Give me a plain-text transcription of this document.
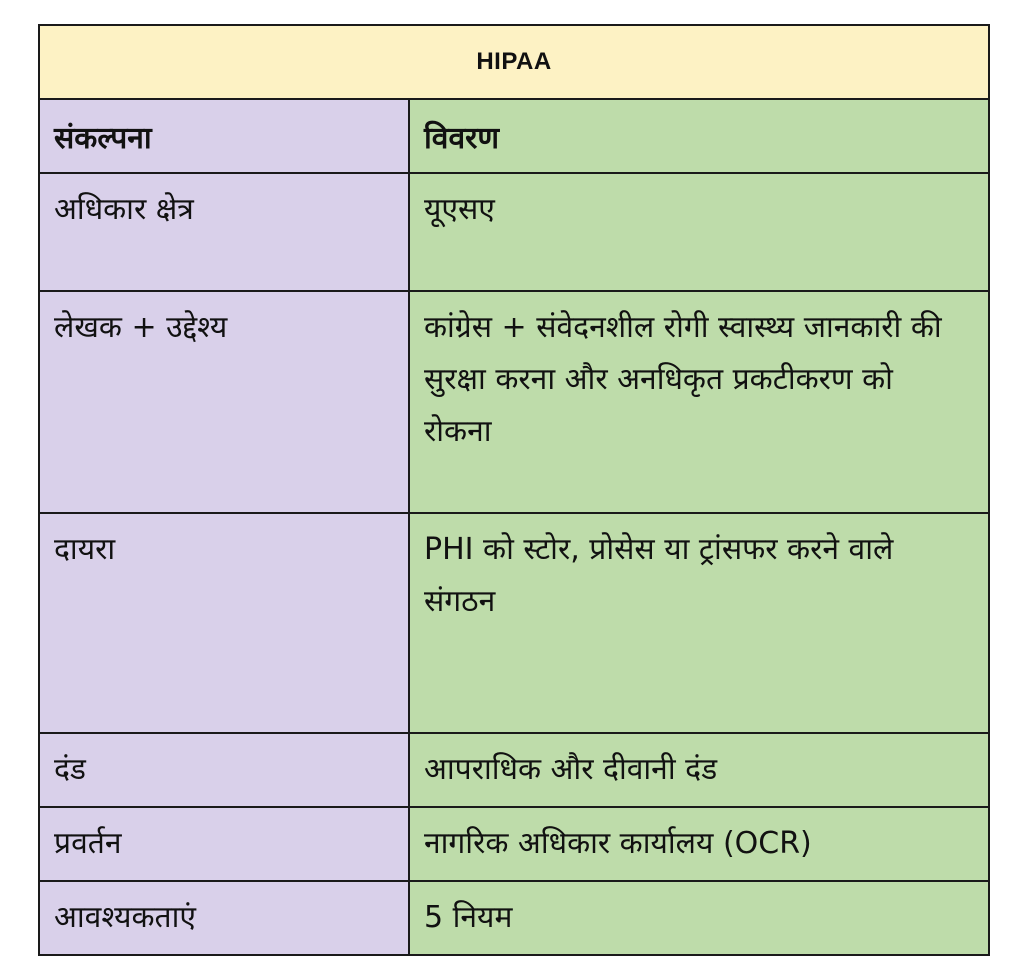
HIPAA	

संकल्पना	विवरण

अधिकार क्षेत्र	यूएसए

लेखक + उद्देश्य	कांग्रेस + संवेदनशील रोगी स्वास्थ्य जानकारी की सुरक्षा करना और अनधिकृत प्रकटीकरण को रोकना

दायरा	PHI को स्टोर, प्रोसेस या ट्रांसफर करने वाले संगठन

दंड	आपराधिक और दीवानी दंड

प्रवर्तन	नागरिक अधिकार कार्यालय (OCR)

आवश्यकताएं	5 नियम
